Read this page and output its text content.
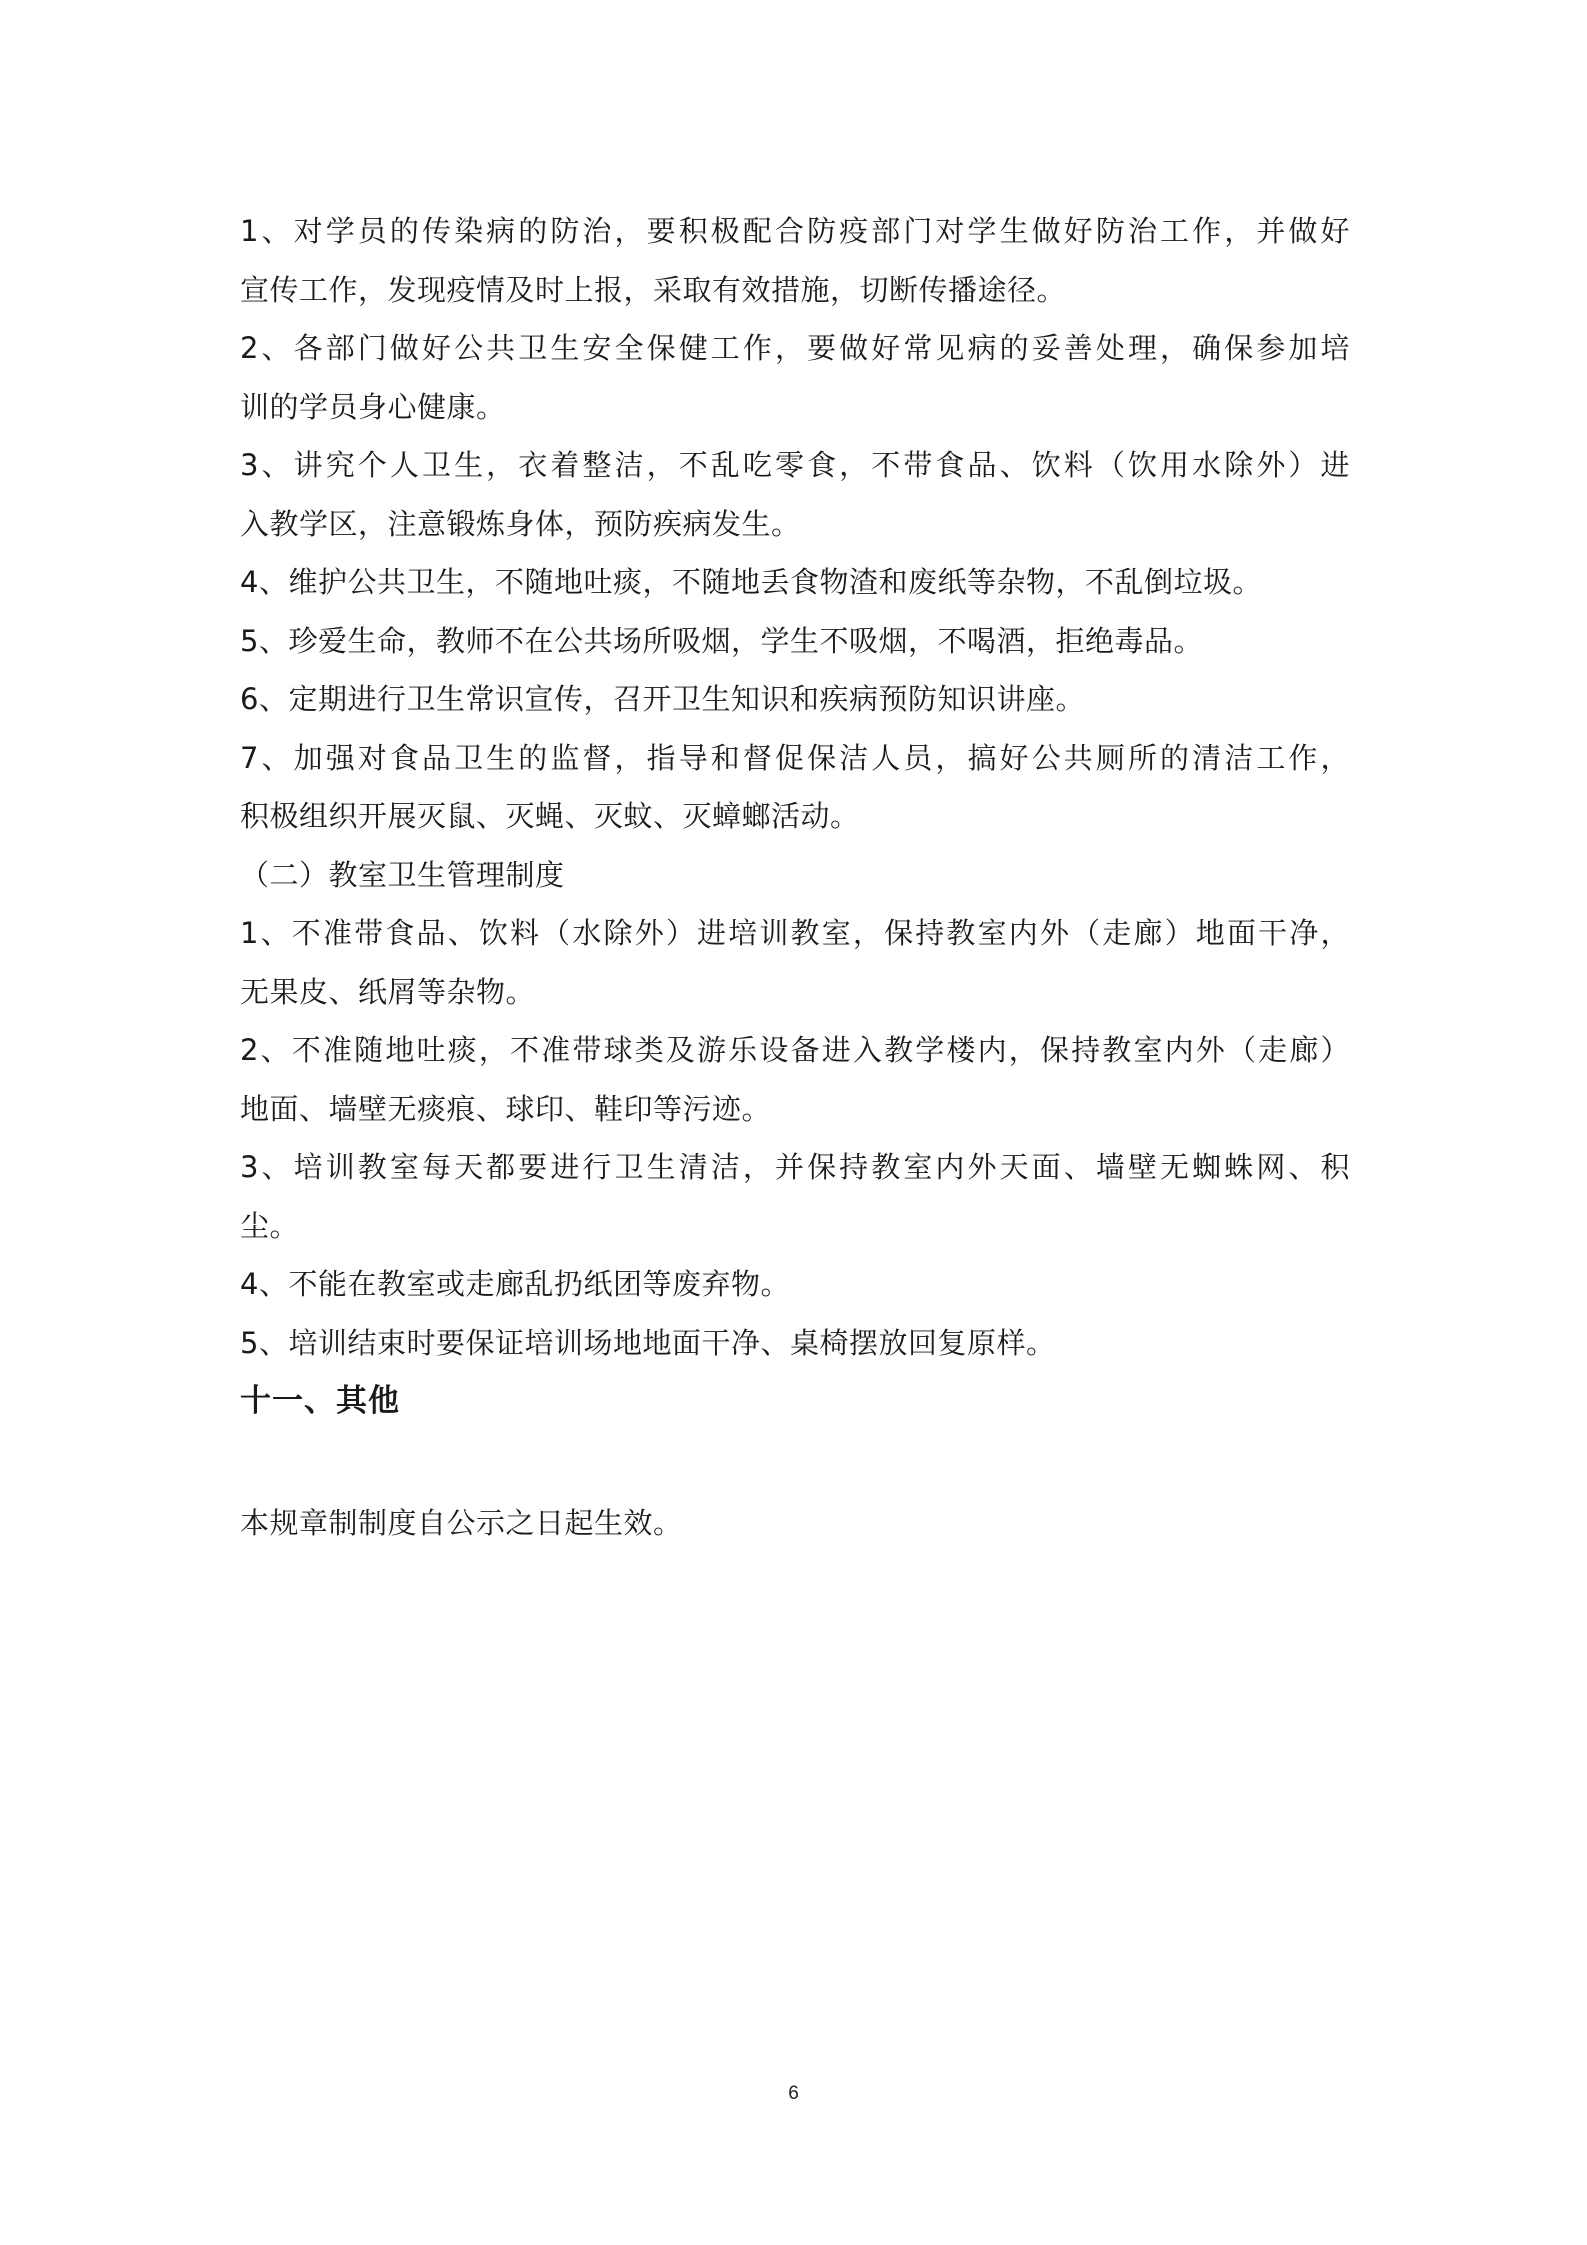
1、对学员的传染病的防治，要积极配合防疫部门对学生做好防治工作，并做好
宣传工作，发现疫情及时上报，采取有效措施，切断传播途径。
2、各部门做好公共卫生安全保健工作，要做好常见病的妥善处理，确保参加培
训的学员身心健康。
3、讲究个人卫生，衣着整洁，不乱吃零食，不带食品、饮料（饮用水除外）进
入教学区，注意锻炼身体，预防疾病发生。
4、维护公共卫生，不随地吐痰，不随地丢食物渣和废纸等杂物，不乱倒垃圾。
5、珍爱生命，教师不在公共场所吸烟，学生不吸烟，不喝酒，拒绝毒品。
6、定期进行卫生常识宣传，召开卫生知识和疾病预防知识讲座。
7、加强对食品卫生的监督，指导和督促保洁人员，搞好公共厕所的清洁工作，
积极组织开展灭鼠、灭蝇、灭蚊、灭蟑螂活动。
（二）教室卫生管理制度
1、不准带食品、饮料（水除外）进培训教室，保持教室内外（走廊）地面干净，
无果皮、纸屑等杂物。
2、不准随地吐痰，不准带球类及游乐设备进入教学楼内，保持教室内外（走廊）
地面、墙壁无痰痕、球印、鞋印等污迹。
3、培训教室每天都要进行卫生清洁，并保持教室内外天面、墙壁无蜘蛛网、积
尘。
4、不能在教室或走廊乱扔纸团等废弃物。
5、培训结束时要保证培训场地地面干净、桌椅摆放回复原样。
十一、其他
本规章制制度自公示之日起生效。
6
